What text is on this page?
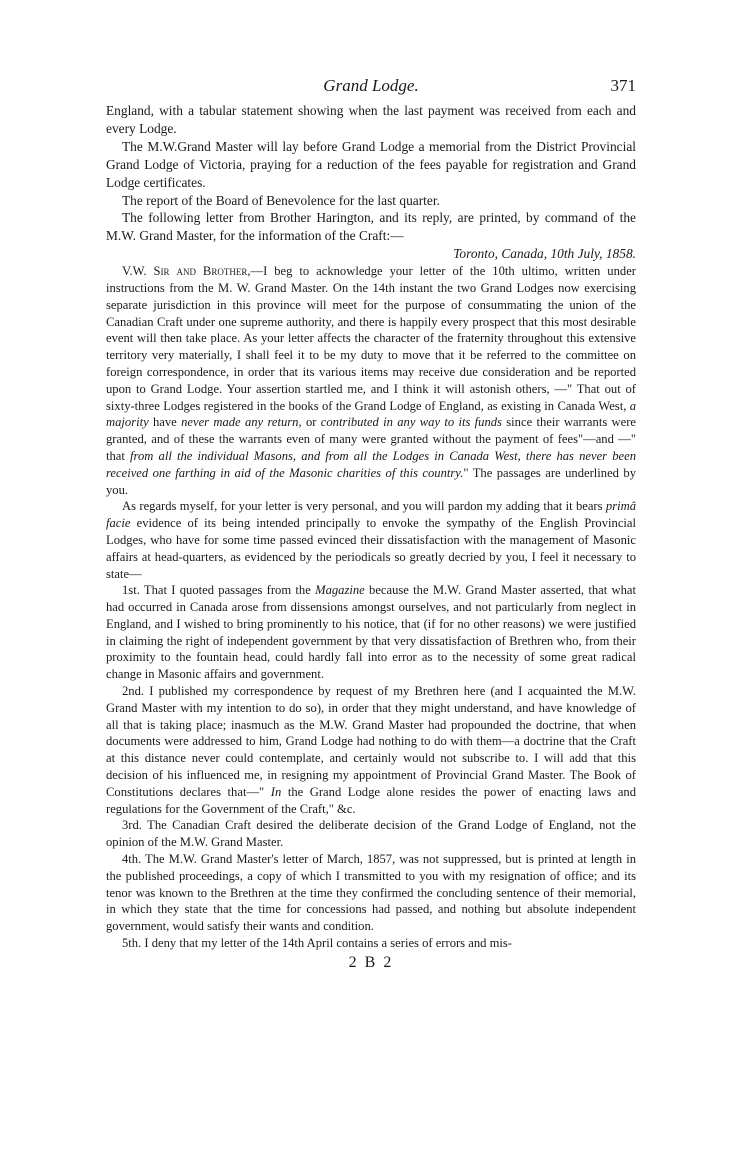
Grand Lodge.	371

England, with a tabular statement showing when the last payment was received from each and every Lodge.

The M.W.Grand Master will lay before Grand Lodge a memorial from the District Provincial Grand Lodge of Victoria, praying for a reduction of the fees payable for registration and Grand Lodge certificates.

The report of the Board of Benevolence for the last quarter.

The following letter from Brother Harington, and its reply, are printed, by command of the M.W. Grand Master, for the information of the Craft:—

Toronto, Canada, 10th July, 1858.

V.W. Sir and Brother,—I beg to acknowledge your letter of the 10th ultimo, written under instructions from the M. W. Grand Master. On the 14th instant the two Grand Lodges now exercising separate jurisdiction in this province will meet for the purpose of consummating the union of the Canadian Craft under one supreme authority, and there is happily every prospect that this most desirable event will then take place. As your letter affects the character of the fraternity throughout this extensive territory very materially, I shall feel it to be my duty to move that it be referred to the committee on foreign correspondence, in order that its various items may receive due consideration and be reported upon to Grand Lodge. Your assertion startled me, and I think it will astonish others, —" That out of sixty-three Lodges registered in the books of the Grand Lodge of England, as existing in Canada West, a majority have never made any return, or contributed in any way to its funds since their warrants were granted, and of these the warrants even of many were granted without the payment of fees"—and —" that from all the individual Masons, and from all the Lodges in Canada West, there has never been received one farthing in aid of the Masonic charities of this country." The passages are underlined by you.

As regards myself, for your letter is very personal, and you will pardon my adding that it bears primâ facie evidence of its being intended principally to envoke the sympathy of the English Provincial Lodges, who have for some time passed evinced their dissatisfaction with the management of Masonic affairs at head-quarters, as evidenced by the periodicals so greatly decried by you, I feel it necessary to state—

1st. That I quoted passages from the Magazine because the M.W. Grand Master asserted, that what had occurred in Canada arose from dissensions amongst ourselves, and not particularly from neglect in England, and I wished to bring prominently to his notice, that (if for no other reasons) we were justified in claiming the right of independent government by that very dissatisfaction of Brethren who, from their proximity to the fountain head, could hardly fall into error as to the necessity of some great radical change in Masonic affairs and government.

2nd. I published my correspondence by request of my Brethren here (and I acquainted the M.W. Grand Master with my intention to do so), in order that they might understand, and have knowledge of all that is taking place; inasmuch as the M.W. Grand Master had propounded the doctrine, that when documents were addressed to him, Grand Lodge had nothing to do with them—a doctrine that the Craft at this distance never could contemplate, and certainly would not subscribe to. I will add that this decision of his influenced me, in resigning my appointment of Provincial Grand Master. The Book of Constitutions declares that—" In the Grand Lodge alone resides the power of enacting laws and regulations for the Government of the Craft," &c.

3rd. The Canadian Craft desired the deliberate decision of the Grand Lodge of England, not the opinion of the M.W. Grand Master.

4th. The M.W. Grand Master's letter of March, 1857, was not suppressed, but is printed at length in the published proceedings, a copy of which I transmitted to you with my resignation of office; and its tenor was known to the Brethren at the time they confirmed the concluding sentence of their memorial, in which they state that the time for concessions had passed, and nothing but absolute independent government, would satisfy their wants and condition.

5th. I deny that my letter of the 14th April contains a series of errors and mis-

2 B 2
